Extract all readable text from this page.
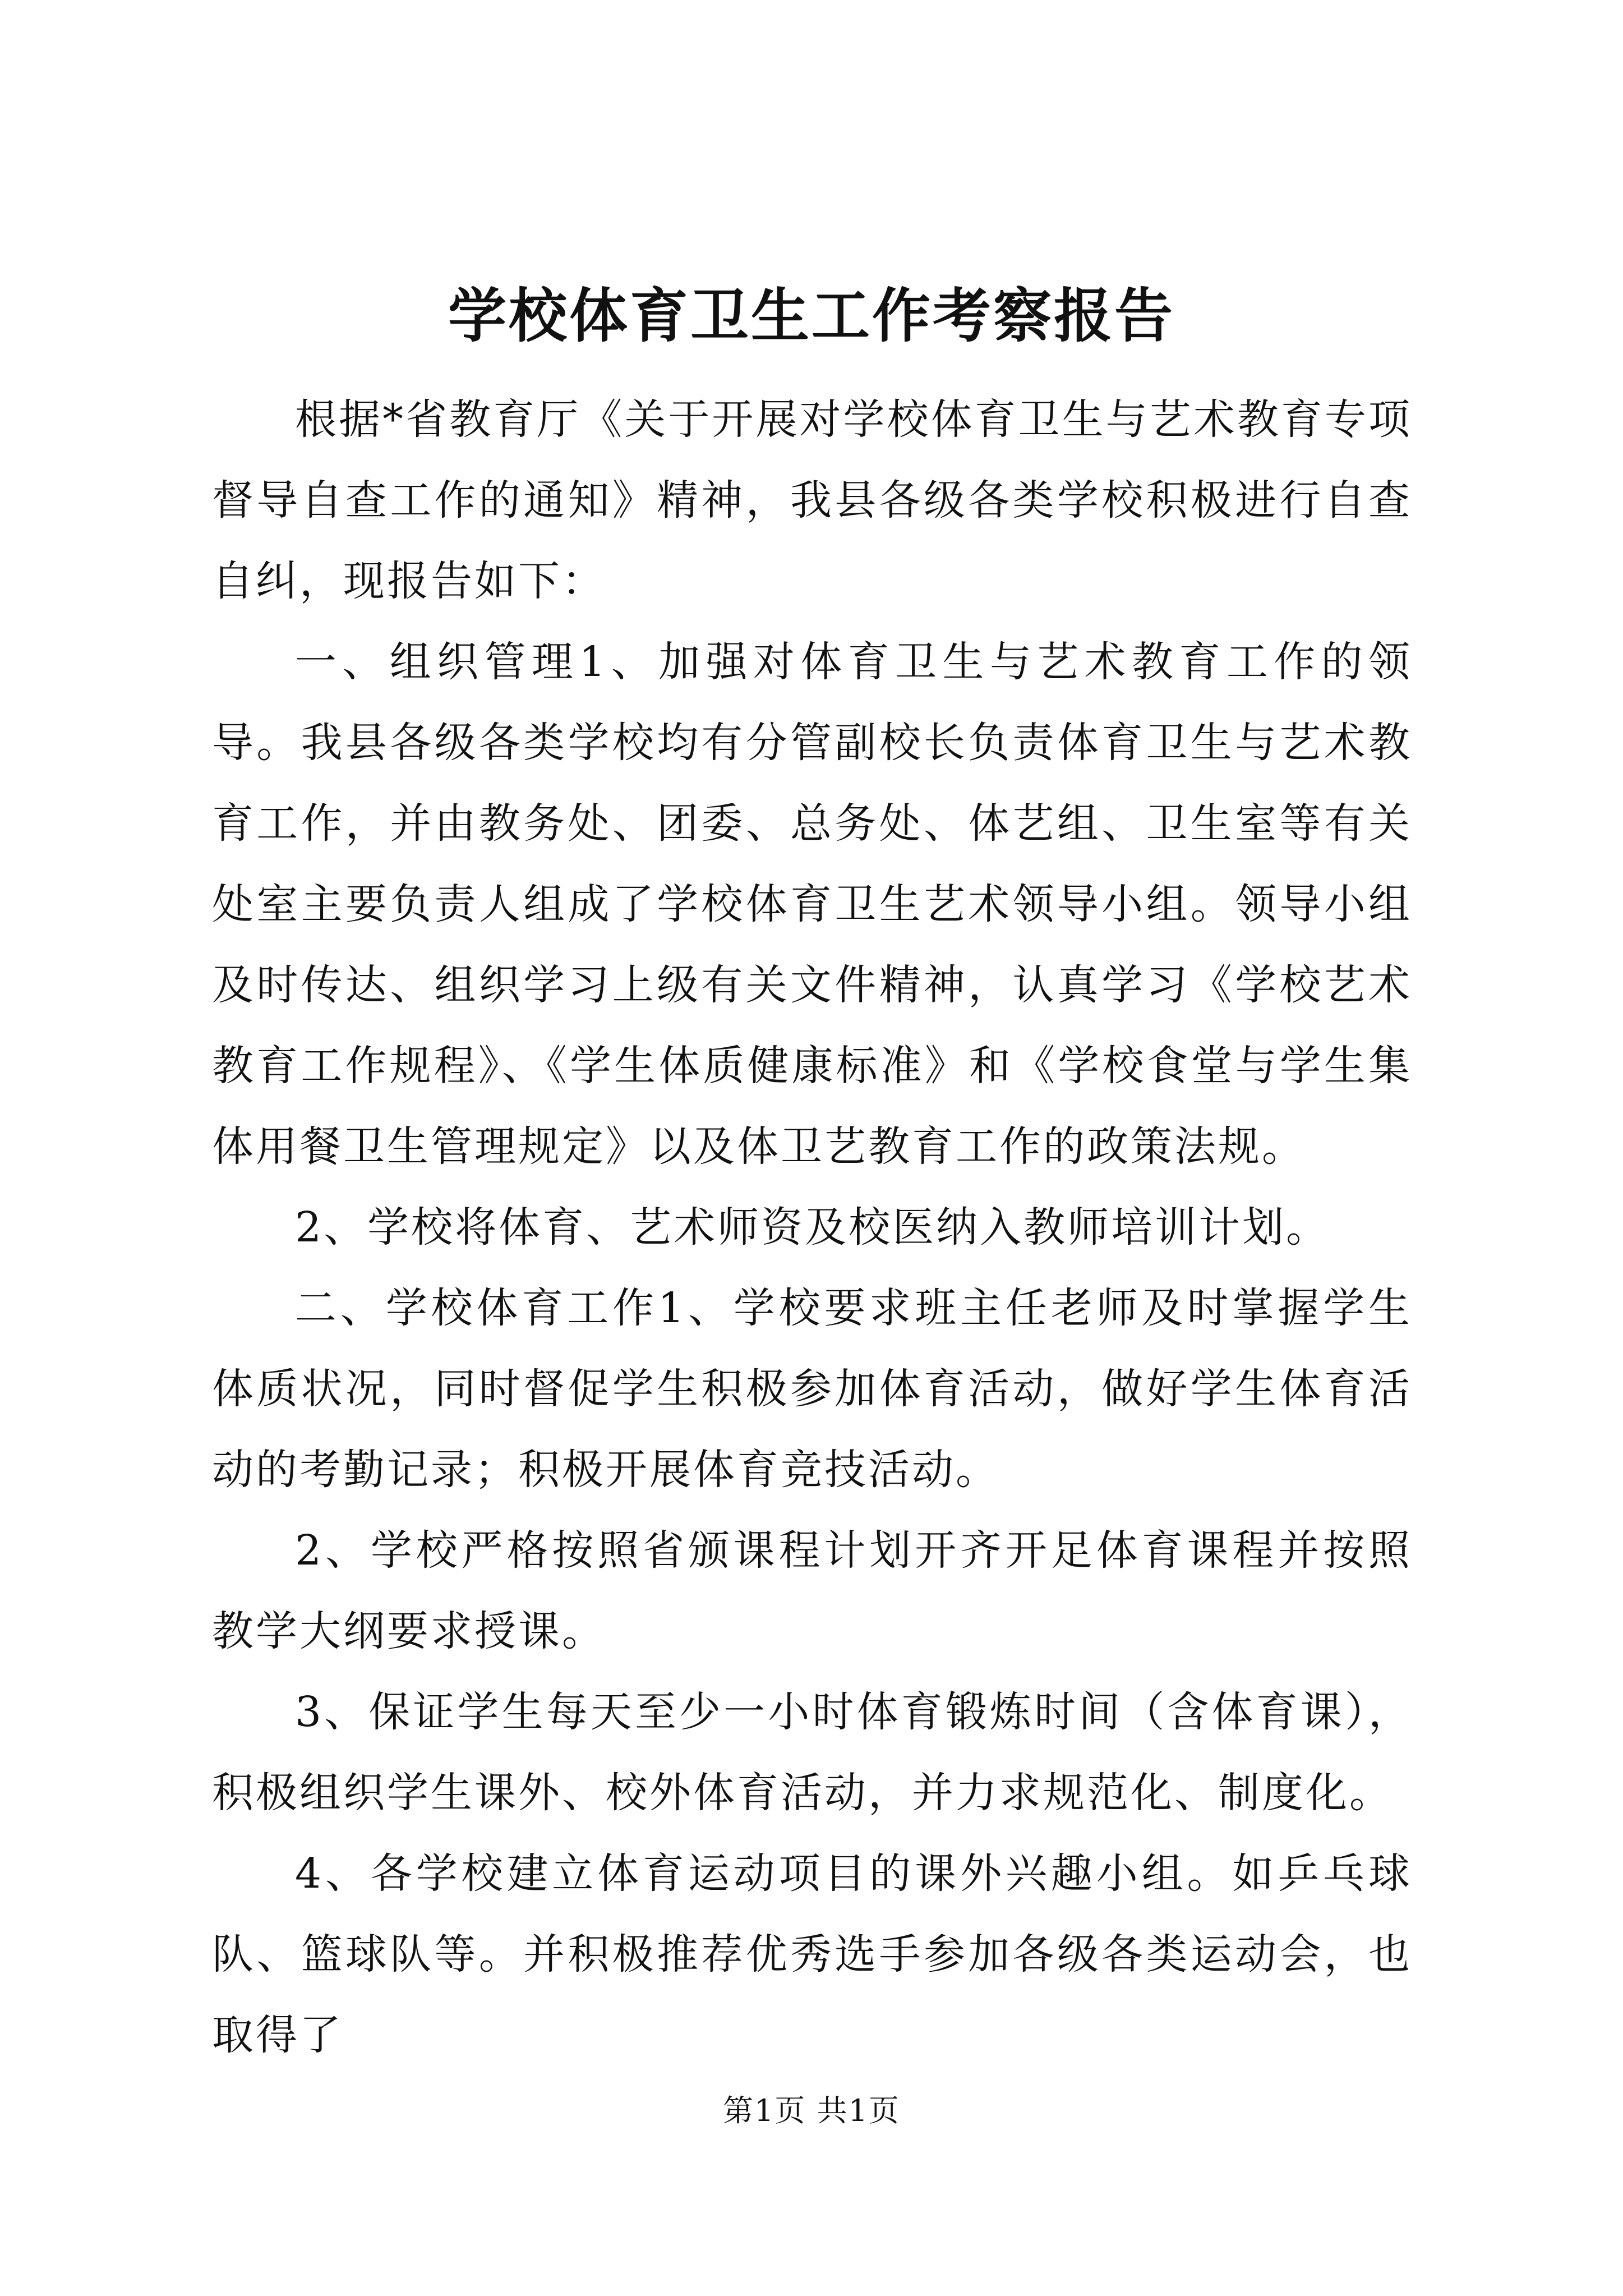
学校体育卫生工作考察报告

根据*省教育厅《关于开展对学校体育卫生与艺术教育专项督导自查工作的通知》精神，我县各级各类学校积极进行自查自纠，现报告如下：

一、组织管理1、加强对体育卫生与艺术教育工作的领导。我县各级各类学校均有分管副校长负责体育卫生与艺术教育工作，并由教务处、团委、总务处、体艺组、卫生室等有关处室主要负责人组成了学校体育卫生艺术领导小组。领导小组及时传达、组织学习上级有关文件精神，认真学习《学校艺术教育工作规程》、《学生体质健康标准》和《学校食堂与学生集体用餐卫生管理规定》以及体卫艺教育工作的政策法规。

2、学校将体育、艺术师资及校医纳入教师培训计划。

二、学校体育工作1、学校要求班主任老师及时掌握学生体质状况，同时督促学生积极参加体育活动，做好学生体育活动的考勤记录；积极开展体育竞技活动。

2、学校严格按照省颁课程计划开齐开足体育课程并按照教学大纲要求授课。

3、保证学生每天至少一小时体育锻炼时间（含体育课），积极组织学生课外、校外体育活动，并力求规范化、制度化。

4、各学校建立体育运动项目的课外兴趣小组。如乒乓球队、篮球队等。并积极推荐优秀选手参加各级各类运动会，也取得了

第1页 共1页
